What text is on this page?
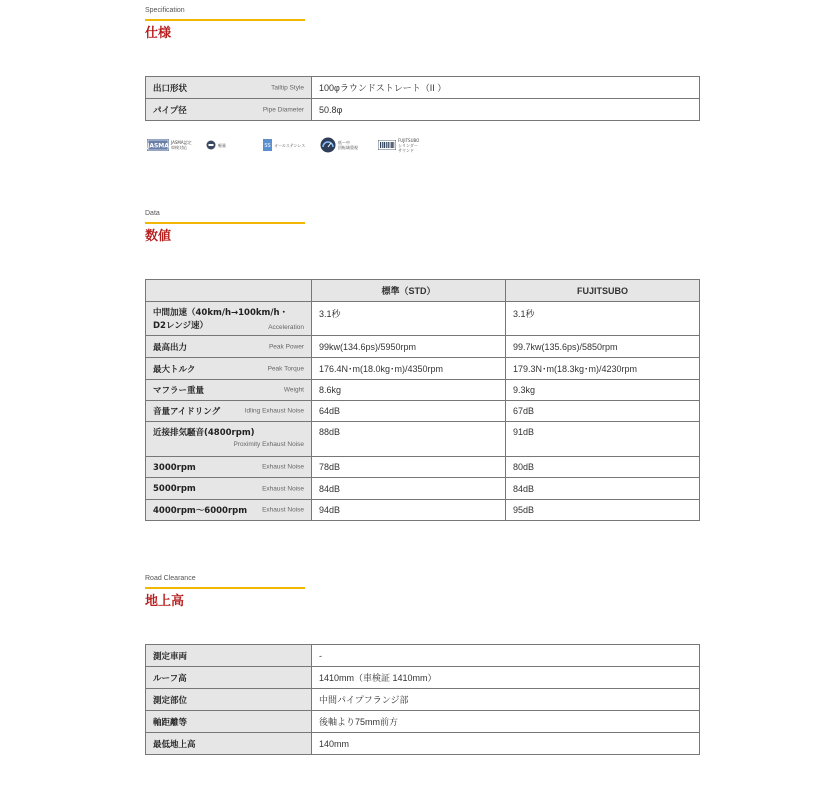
Specification
仕様
出口形状 Tailtip Style	100φラウンドストレート（II ）
パイプ径 Pipe Diameter	50.8φ
JASMA JASMA認定
車検対応	軽量	SS オールステンレス	低～中
回転域重視
FUJITSUBO
シリンダー
サウンド
Data
数値
	標準（STD）	FUJITSUBO

中間加速（40km/h→100km/h・D2レンジ速） Acceleration	3.1秒	3.1秒
最高出力 Peak Power	99kw(134.6ps)/5950rpm	99.7kw(135.6ps)/5850rpm
最大トルク Peak Torque	176.4N･m(18.0kg･m)/4350rpm	179.3N･m(18.3kg･m)/4230rpm
マフラー重量 Weight	8.6kg	9.3kg
音量アイドリング Idling Exhaust Noise	64dB	67dB

近接排気騒音(4800rpm)
Proximity Exhaust Noise	88dB	91dB
3000rpm Exhaust Noise	78dB	80dB
5000rpm Exhaust Noise	84dB	84dB
4000rpm～6000rpm Exhaust Noise	94dB	95dB
Road Clearance
地上高
測定車両	-
ルーフ高	1410mm（車検証 1410mm）
測定部位	中間パイプフランジ部
軸距離等	後軸より75mm前方
最低地上高	140mm
